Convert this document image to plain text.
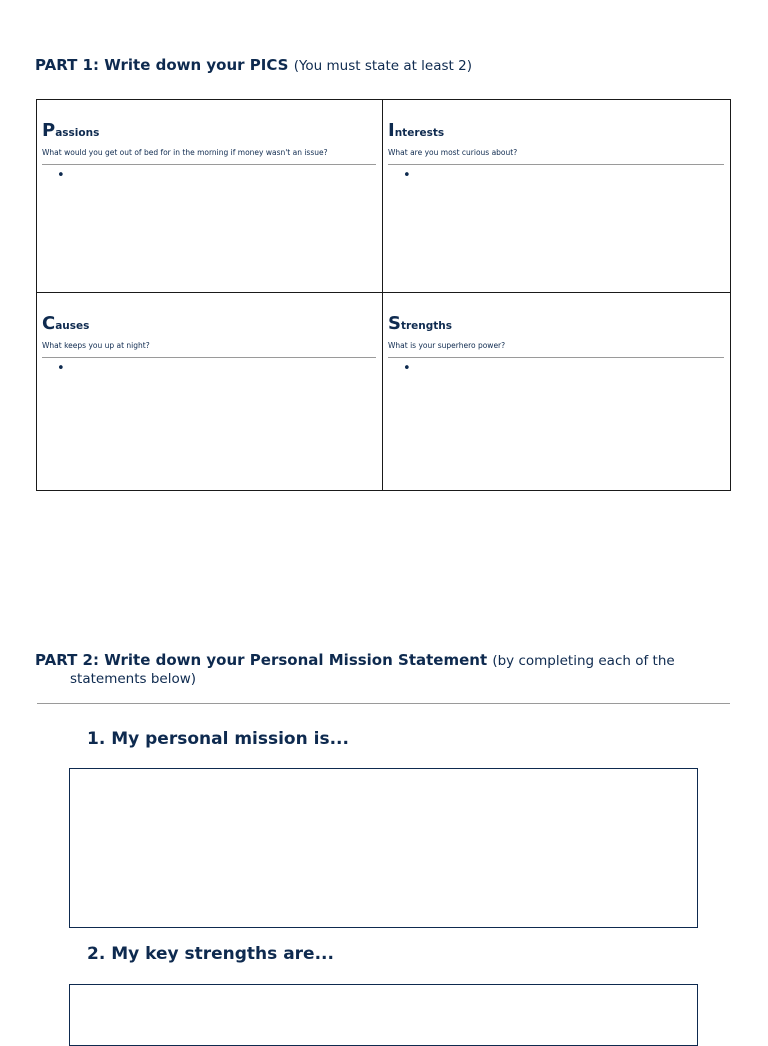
PART 1: Write down your PICS (You must state at least 2)
Passions
What would you get out of bed for in the morning if money wasn't an issue?
•
Interests
What are you most curious about?
•
Causes
What keeps you up at night?
•
Strengths
What is your superhero power?
•
PART 2: Write down your Personal Mission Statement (by completing each of the
statements below)
1. My personal mission is...
2. My key strengths are...
